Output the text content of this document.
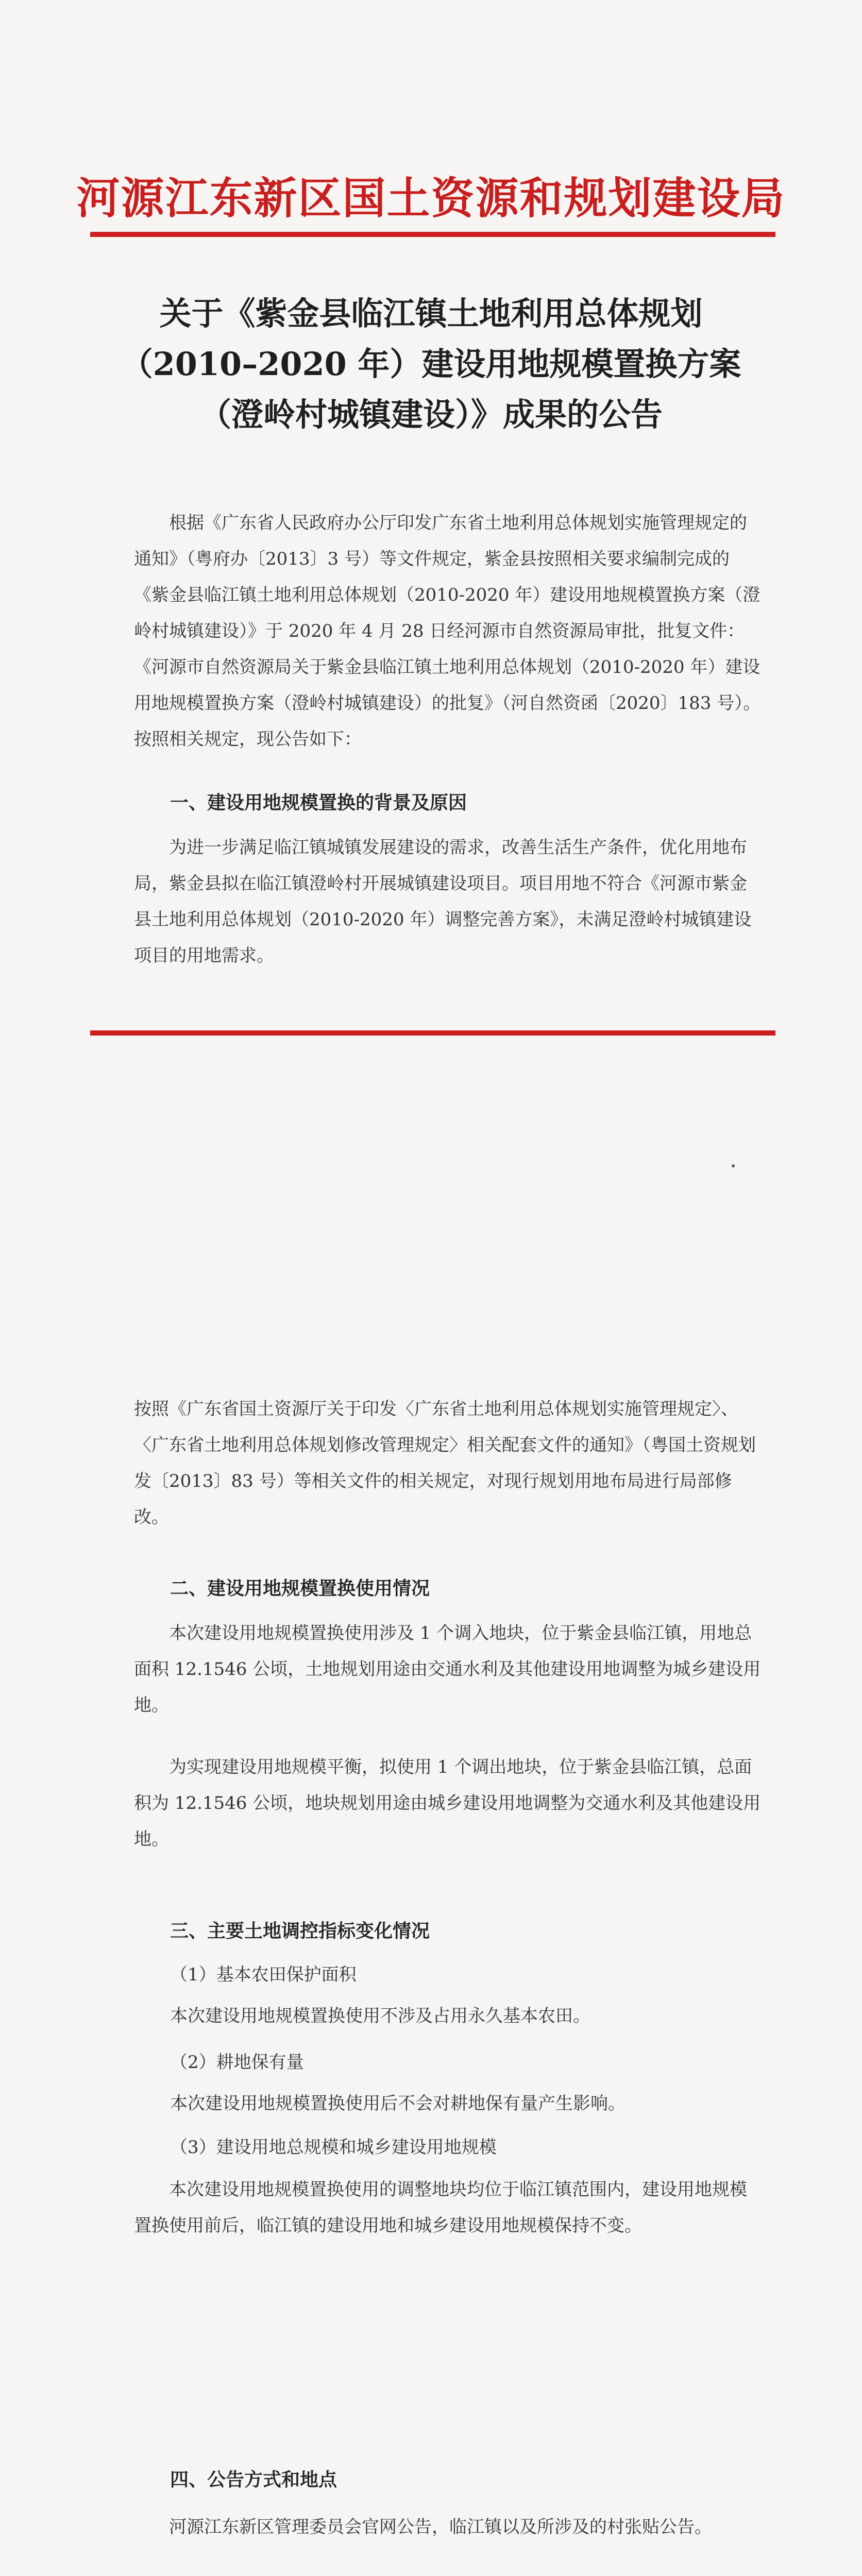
河源江东新区国土资源和规划建设局
关于《紫金县临江镇土地利用总体规划
（2010–2020 年）建设用地规模置换方案
（澄岭村城镇建设）》成果的公告
根据《广东省人民政府办公厅印发广东省土地利用总体规划实施管理规定的通知》（粤府办〔2013〕3 号）等文件规定，紫金县按照相关要求编制完成的《紫金县临江镇土地利用总体规划（2010-2020 年）建设用地规模置换方案（澄岭村城镇建设）》于 2020 年 4 月 28 日经河源市自然资源局审批，批复文件：《河源市自然资源局关于紫金县临江镇土地利用总体规划（2010-2020 年）建设用地规模置换方案（澄岭村城镇建设）的批复》（河自然资函〔2020〕183 号）。按照相关规定，现公告如下：
一、建设用地规模置换的背景及原因
为进一步满足临江镇城镇发展建设的需求，改善生活生产条件，优化用地布局，紫金县拟在临江镇澄岭村开展城镇建设项目。项目用地不符合《河源市紫金县土地利用总体规划（2010-2020 年）调整完善方案》，未满足澄岭村城镇建设项目的用地需求。
按照《广东省国土资源厅关于印发〈广东省土地利用总体规划实施管理规定〉、〈广东省土地利用总体规划修改管理规定〉相关配套文件的通知》（粤国土资规划发〔2013〕83 号）等相关文件的相关规定，对现行规划用地布局进行局部修改。
二、建设用地规模置换使用情况
本次建设用地规模置换使用涉及 1 个调入地块，位于紫金县临江镇，用地总面积 12.1546 公顷，土地规划用途由交通水利及其他建设用地调整为城乡建设用地。
为实现建设用地规模平衡，拟使用 1 个调出地块，位于紫金县临江镇，总面积为 12.1546 公顷，地块规划用途由城乡建设用地调整为交通水利及其他建设用地。
三、主要土地调控指标变化情况
（1）基本农田保护面积
本次建设用地规模置换使用不涉及占用永久基本农田。
（2）耕地保有量
本次建设用地规模置换使用后不会对耕地保有量产生影响。
（3）建设用地总规模和城乡建设用地规模
本次建设用地规模置换使用的调整地块均位于临江镇范围内，建设用地规模置换使用前后，临江镇的建设用地和城乡建设用地规模保持不变。
四、公告方式和地点
河源江东新区管理委员会官网公告，临江镇以及所涉及的村张贴公告。
